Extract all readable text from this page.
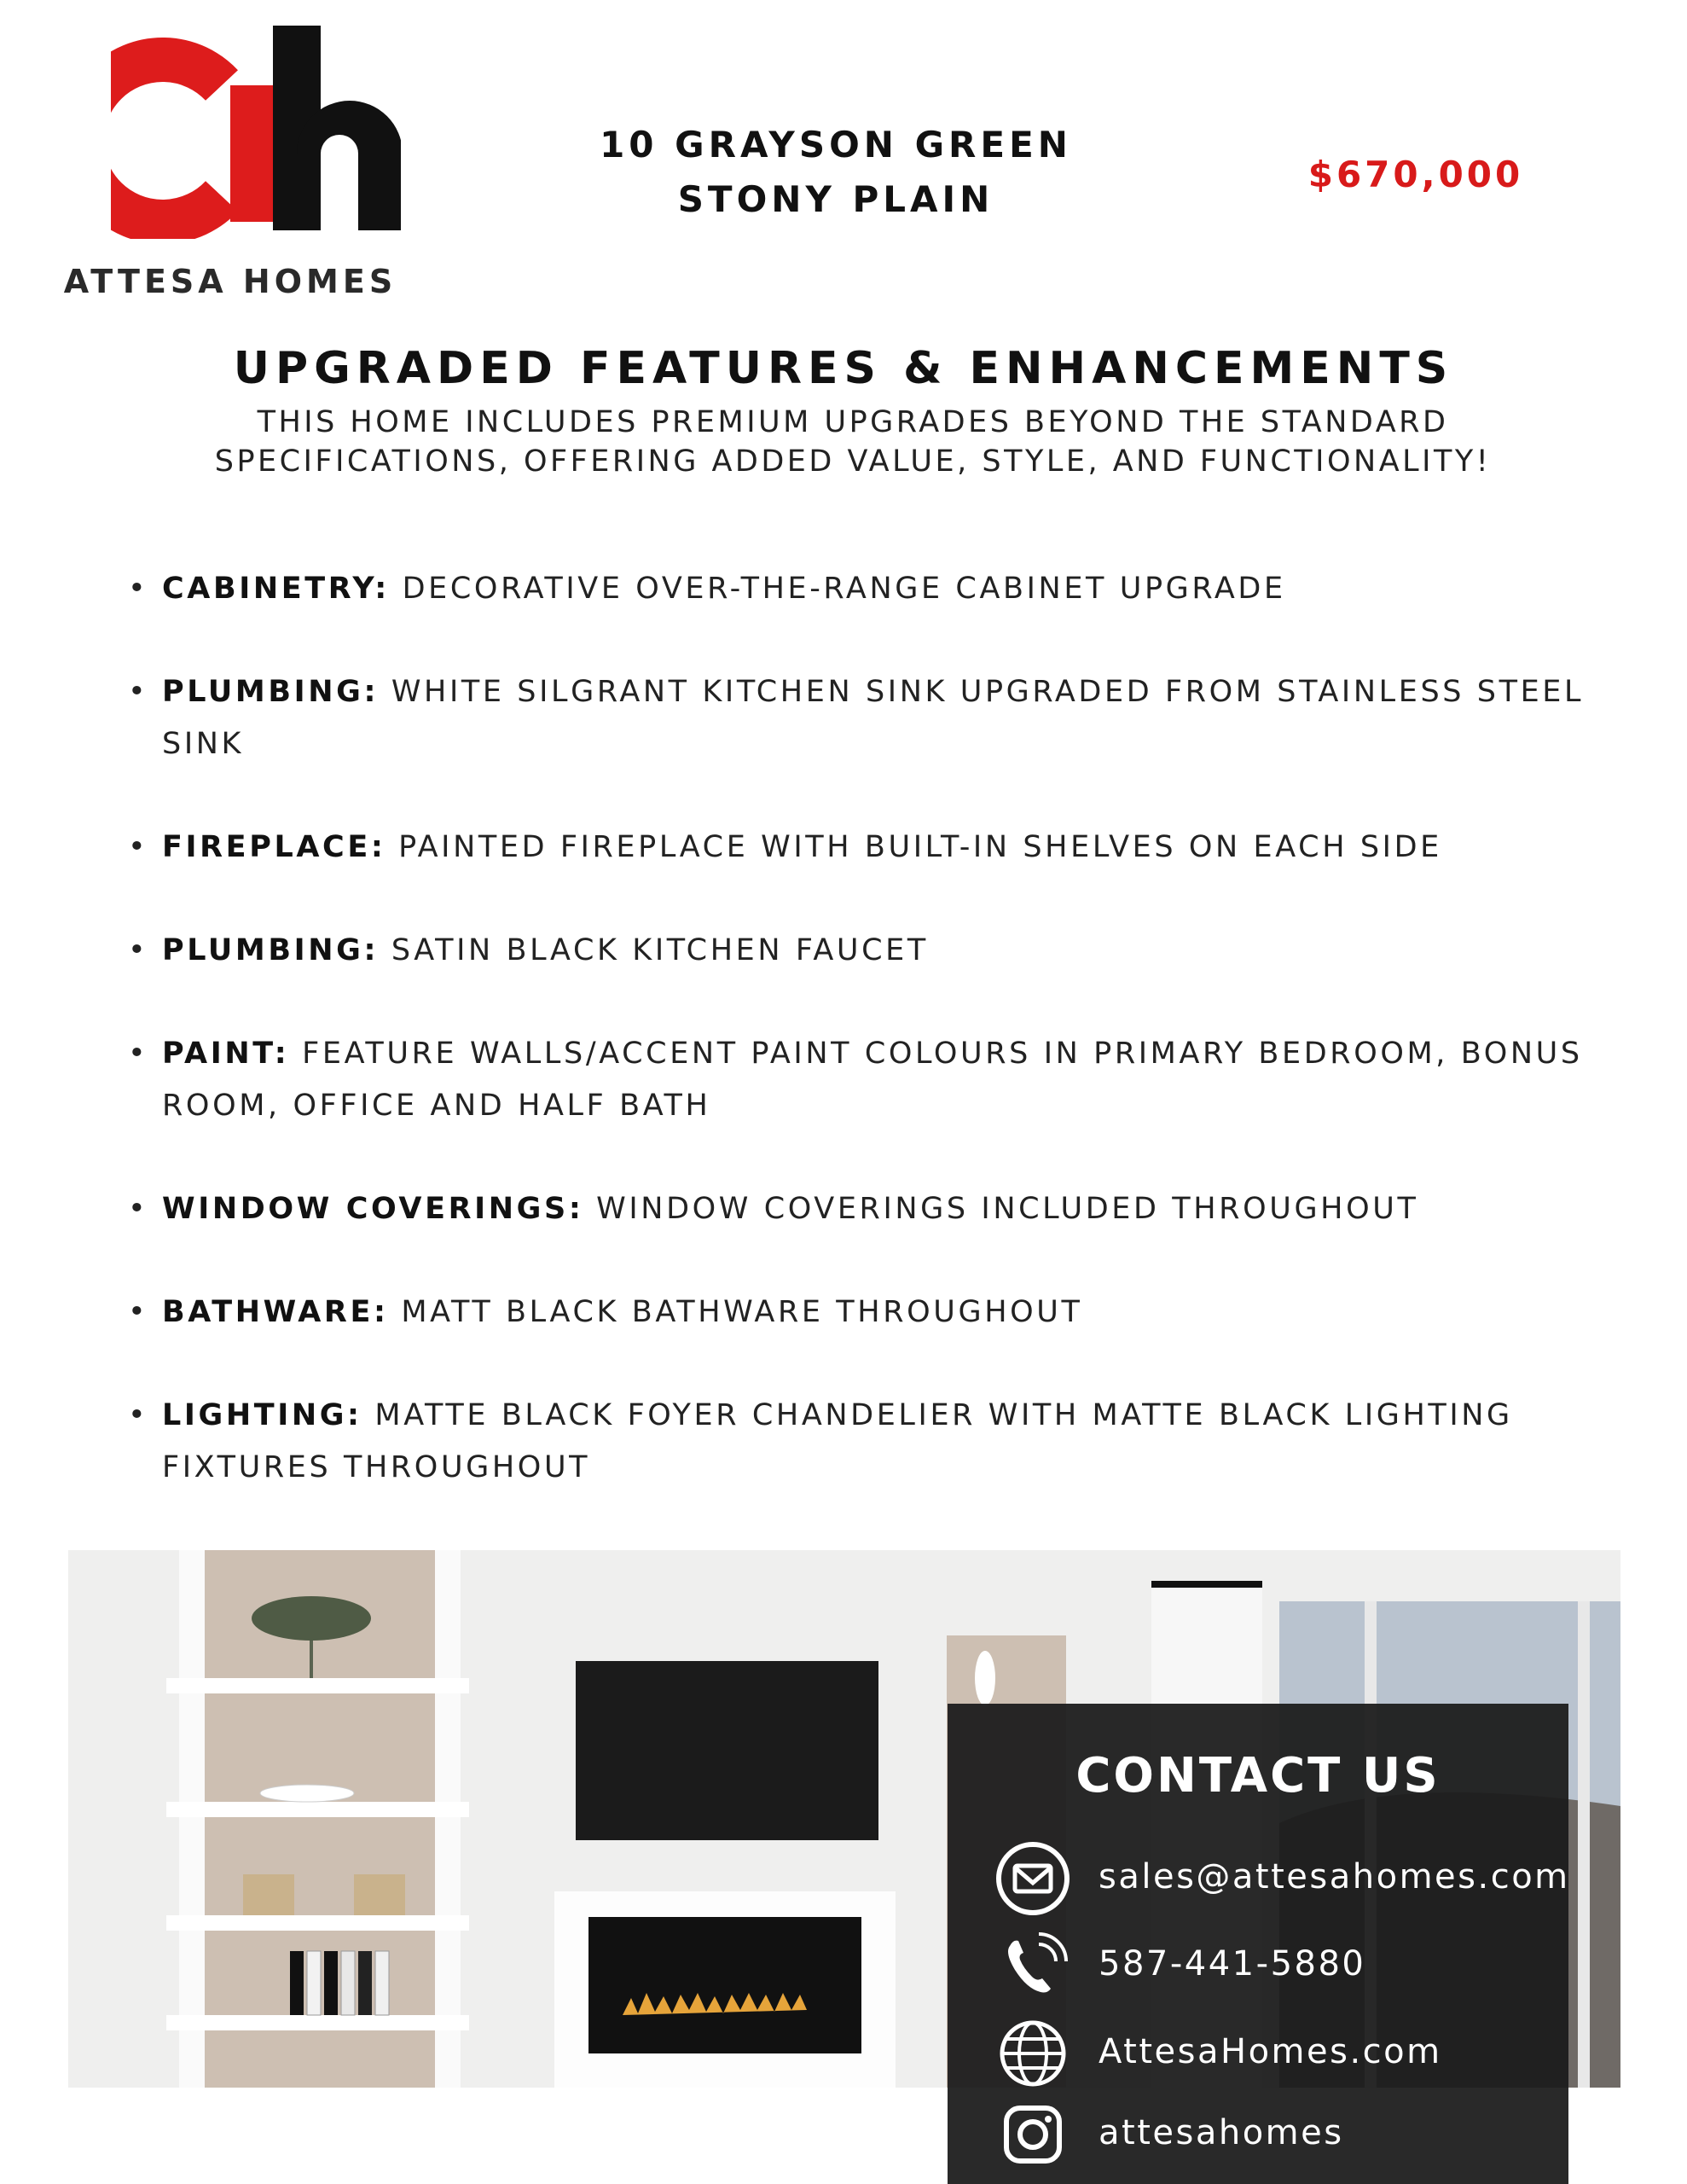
ATTESA HOMES
10 GRAYSON GREEN
STONY PLAIN
$670,000
UPGRADED FEATURES & ENHANCEMENTS
THIS HOME INCLUDES PREMIUM UPGRADES BEYOND THE STANDARD
SPECIFICATIONS, OFFERING ADDED VALUE, STYLE, AND FUNCTIONALITY!
• CABINETRY: DECORATIVE OVER-THE-RANGE CABINET UPGRADE
• PLUMBING: WHITE SILGRANT KITCHEN SINK UPGRADED FROM STAINLESS STEEL SINK
• FIREPLACE: PAINTED FIREPLACE WITH BUILT-IN SHELVES ON EACH SIDE
• PLUMBING: SATIN BLACK KITCHEN FAUCET
• PAINT: FEATURE WALLS/ACCENT PAINT COLOURS IN PRIMARY BEDROOM, BONUS ROOM, OFFICE AND HALF BATH
• WINDOW COVERINGS: WINDOW COVERINGS INCLUDED THROUGHOUT
• BATHWARE: MATT BLACK BATHWARE THROUGHOUT
• LIGHTING: MATTE BLACK FOYER CHANDELIER WITH MATTE BLACK LIGHTING FIXTURES THROUGHOUT
CONTACT US
sales@attesahomes.com
587-441-5880
AttesaHomes.com
attesahomes
